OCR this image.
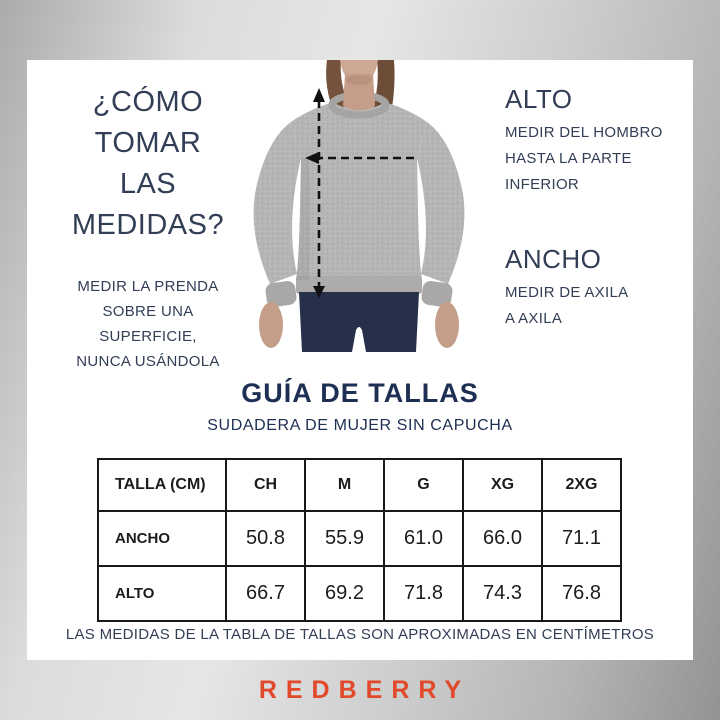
¿CÓMO TOMAR
LAS MEDIDAS?
MEDIR LA PRENDA
SOBRE UNA
SUPERFICIE,
NUNCA USÁNDOLA
ALTO
MEDIR DEL HOMBRO
HASTA LA PARTE
INFERIOR
ANCHO
MEDIR DE AXILA
A AXILA
GUÍA DE TALLAS
SUDADERA DE MUJER SIN CAPUCHA
TALLA (CM)	CH	M	G	XG	2XG
ANCHO	50.8	55.9	61.0	66.0	71.1
ALTO	66.7	69.2	71.8	74.3	76.8
LAS MEDIDAS DE LA TABLA DE TALLAS SON APROXIMADAS EN CENTÍMETROS
REDBERRY
